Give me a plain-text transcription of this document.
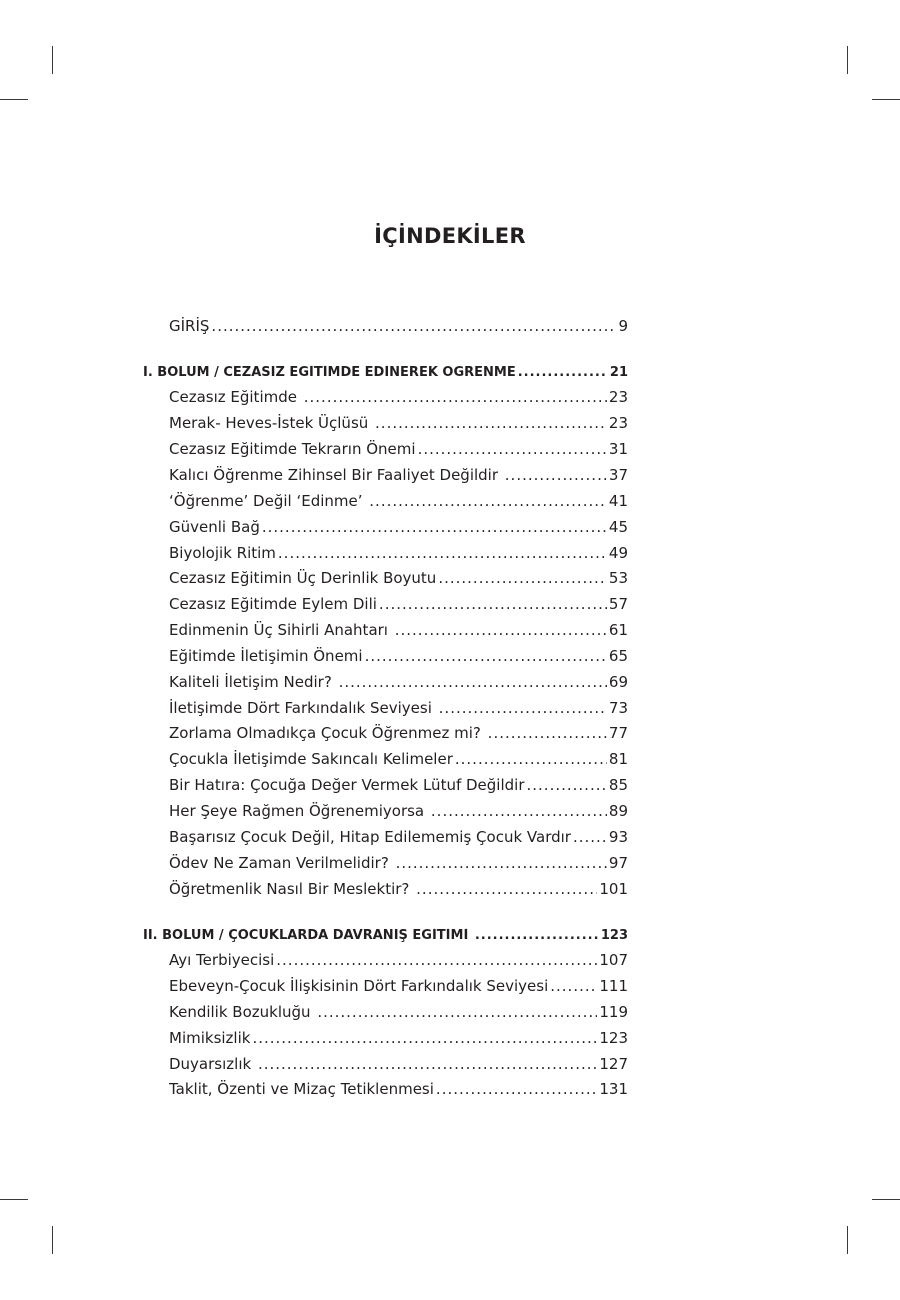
İÇİNDEKİLER
GİRİŞ .....	9
I. BÖLÜM / CEZASIZ EĞİTİMDE EDİNEREK ÖĞRENME .....	21
Cezasız Eğitimde .....	23
Merak- Heves-İstek Üçlüsü .....	23
Cezasız Eğitimde Tekrarın Önemi .....	31
Kalıcı Öğrenme Zihinsel Bir Faaliyet Değildir .....	37
‘Öğrenme’ Değil ‘Edinme’ .....	41
Güvenli Bağ .....	45
Biyolojik Ritim .....	49
Cezasız Eğitimin Üç Derinlik Boyutu .....	53
Cezasız Eğitimde Eylem Dili .....	57
Edinmenin Üç Sihirli Anahtarı .....	61
Eğitimde İletişimin Önemi .....	65
Kaliteli İletişim Nedir? .....	69
İletişimde Dört Farkındalık Seviyesi .....	73
Zorlama Olmadıkça Çocuk Öğrenmez mi? .....	77
Çocukla İletişimde Sakıncalı Kelimeler .....	81
Bir Hatıra: Çocuğa Değer Vermek Lütuf Değildir .....	85
Her Şeye Rağmen Öğrenemiyorsa .....	89
Başarısız Çocuk Değil, Hitap Edilememiş Çocuk Vardır .....	93
Ödev Ne Zaman Verilmelidir? .....	97
Öğretmenlik Nasıl Bir Meslektir? .....	101
II. BÖLÜM / ÇOCUKLARDA DAVRANIŞ EĞİTİMİ .....	123
Ayı Terbiyecisi .....	107
Ebeveyn-Çocuk İlişkisinin Dört Farkındalık Seviyesi .....	111
Kendilik Bozukluğu .....	119
Mimiksizlik .....	123
Duyarsızlık .....	127
Taklit, Özenti ve Mizaç Tetiklenmesi .....	131
